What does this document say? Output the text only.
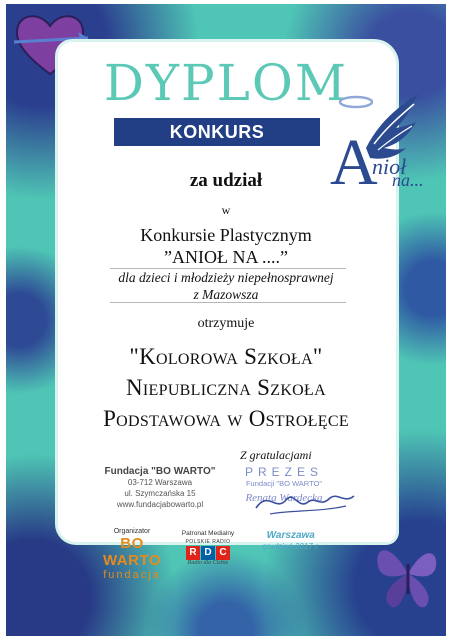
DYPLOM
KONKURS PLASTYCZNY A
nioł
na...
za udział
w
Konkursie Plastycznym
”ANIOŁ NA ....”
dla dzieci i młodzieży niepełnosprawnej
z Mazowsza
otrzymuje
"Kolorowa Szkoła"
Niepubliczna Szkoła
Podstawowa w Ostrołęce
Z gratulacjami
Fundacja "BO WARTO"
03-712 Warszawa
ul. Szymczańska 15
www.fundacjabowarto.pl
PREZES
Fundacji "BO WARTO"
Renata Wardecka
Organizator
BO WARTO
fundacja
Patronat Medialny
POLSKIE RADIO
R D C
Radio dla Ciebie
Warszawa
grudzień 2017 r.
